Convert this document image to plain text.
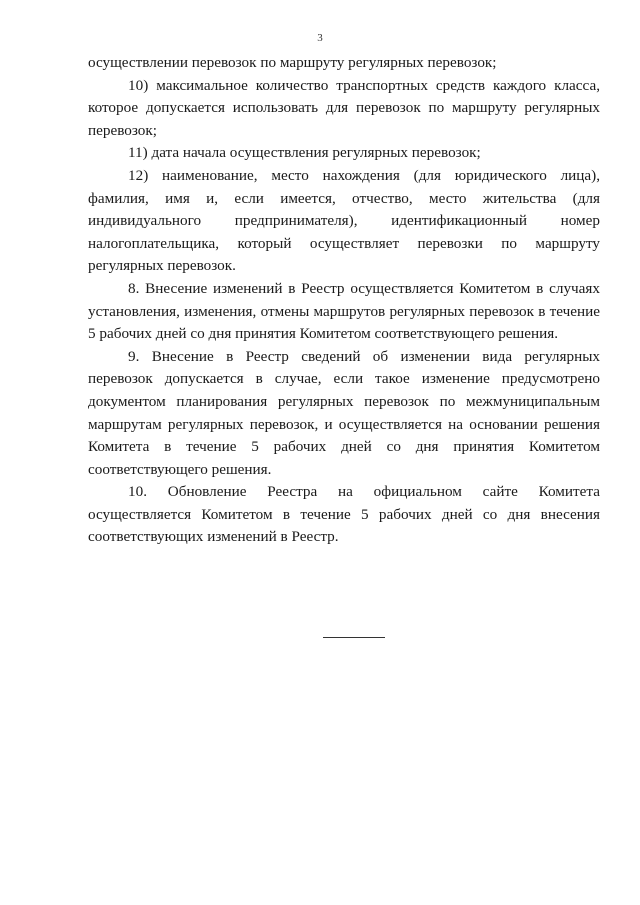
3

осуществлении перевозок по маршруту регулярных перевозок;

10) максимальное количество транспортных средств каждого класса, которое допускается использовать для перевозок по маршруту регулярных перевозок;

11) дата начала осуществления регулярных перевозок;

12) наименование, место нахождения (для юридического лица), фамилия, имя и, если имеется, отчество, место жительства (для индивидуального предпринимателя), идентификационный номер налогоплательщика, который осуществляет перевозки по маршруту регулярных перевозок.

8. Внесение изменений в Реестр осуществляется Комитетом в случаях установления, изменения, отмены маршрутов регулярных перевозок в течение 5 рабочих дней со дня принятия Комитетом соответствующего решения.

9. Внесение в Реестр сведений об изменении вида регулярных перевозок допускается в случае, если такое изменение предусмотрено документом планирования регулярных перевозок по межмуниципальным маршрутам регулярных перевозок, и осуществляется на основании решения Комитета в течение 5 рабочих дней со дня принятия Комитетом соответствующего решения.

10. Обновление Реестра на официальном сайте Комитета осуществляется Комитетом в течение 5 рабочих дней со дня внесения соответствующих изменений в Реестр.
